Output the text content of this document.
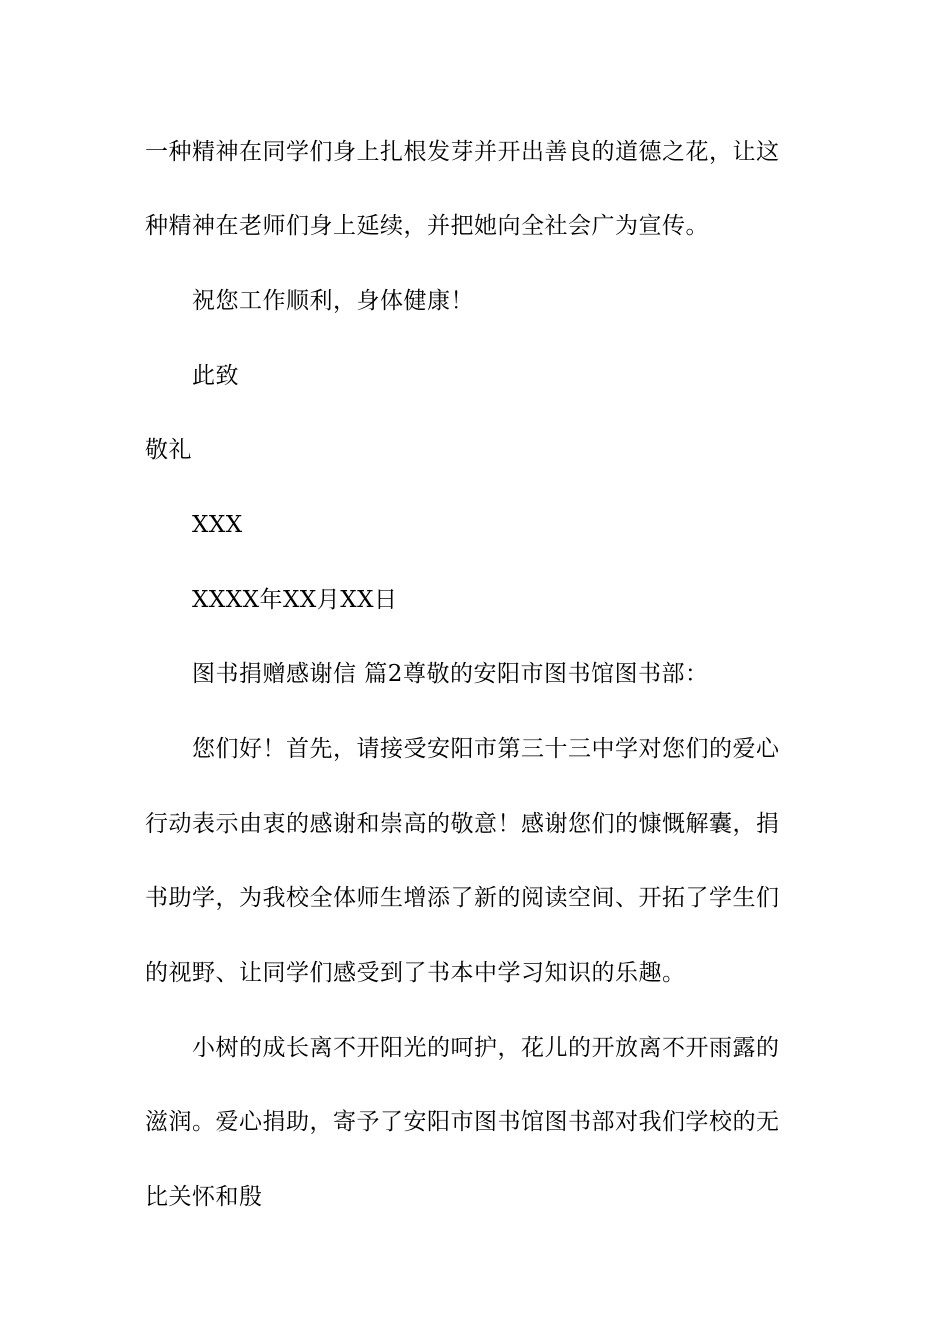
一种精神在同学们身上扎根发芽并开出善良的道德之花，让这
种精神在老师们身上延续，并把她向全社会广为宣传。
祝您工作顺利，身体健康！
此致
敬礼
XXX
XXXX年XX月XX日
图书捐赠感谢信 篇2尊敬的安阳市图书馆图书部：
您们好！首先，请接受安阳市第三十三中学对您们的爱心
行动表示由衷的感谢和崇高的敬意！感谢您们的慷慨解囊，捐
书助学，为我校全体师生增添了新的阅读空间、开拓了学生们
的视野、让同学们感受到了书本中学习知识的乐趣。
小树的成长离不开阳光的呵护，花儿的开放离不开雨露的
滋润。爱心捐助，寄予了安阳市图书馆图书部对我们学校的无
比关怀和殷
